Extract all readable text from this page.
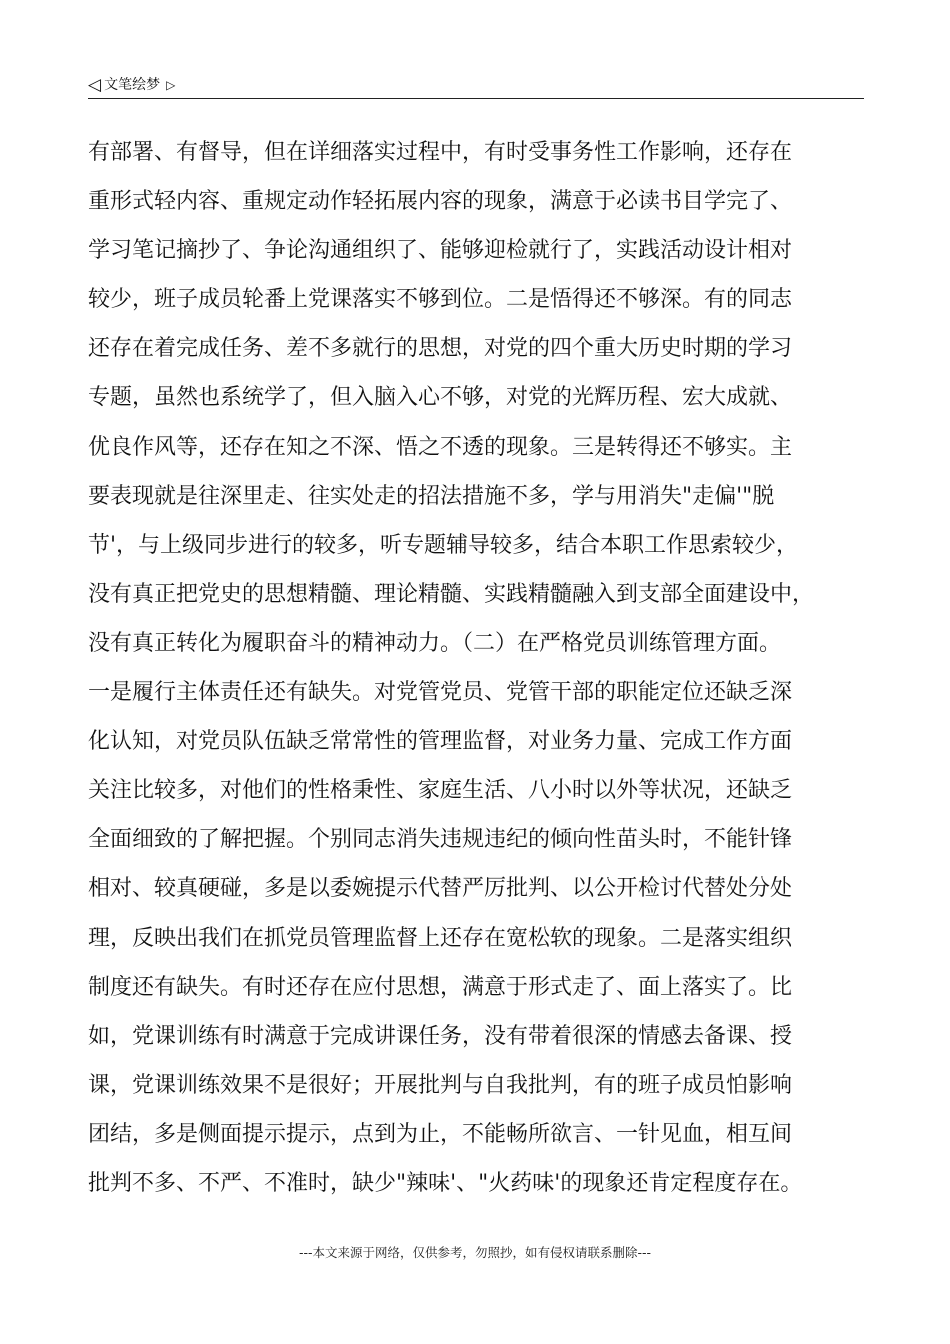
◁ 文笔绘梦 ▷
有部署、有督导，但在详细落实过程中，有时受事务性工作影响，还存在
重形式轻内容、重规定动作轻拓展内容的现象，满意于必读书目学完了、
学习笔记摘抄了、争论沟通组织了、能够迎检就行了，实践活动设计相对
较少，班子成员轮番上党课落实不够到位。二是悟得还不够深。有的同志
还存在着完成任务、差不多就行的思想，对党的四个重大历史时期的学习
专题，虽然也系统学了，但入脑入心不够，对党的光辉历程、宏大成就、
优良作风等，还存在知之不深、悟之不透的现象。三是转得还不够实。主
要表现就是往深里走、往实处走的招法措施不多，学与用消失"走偏'"脱
节'，与上级同步进行的较多，听专题辅导较多，结合本职工作思索较少，
没有真正把党史的思想精髓、理论精髓、实践精髓融入到支部全面建设中，
没有真正转化为履职奋斗的精神动力。（二）在严格党员训练管理方面。
一是履行主体责任还有缺失。对党管党员、党管干部的职能定位还缺乏深
化认知，对党员队伍缺乏常常性的管理监督，对业务力量、完成工作方面
关注比较多，对他们的性格秉性、家庭生活、八小时以外等状况，还缺乏
全面细致的了解把握。个别同志消失违规违纪的倾向性苗头时，不能针锋
相对、较真硬碰，多是以委婉提示代替严厉批判、以公开检讨代替处分处
理，反映出我们在抓党员管理监督上还存在宽松软的现象。二是落实组织
制度还有缺失。有时还存在应付思想，满意于形式走了、面上落实了。比
如，党课训练有时满意于完成讲课任务，没有带着很深的情感去备课、授
课，党课训练效果不是很好；开展批判与自我批判，有的班子成员怕影响
团结，多是侧面提示提示，点到为止，不能畅所欲言、一针见血，相互间
批判不多、不严、不准时，缺少"辣味'、"火药味'的现象还肯定程度存在。
---本文来源于网络，仅供参考，勿照抄，如有侵权请联系删除---
